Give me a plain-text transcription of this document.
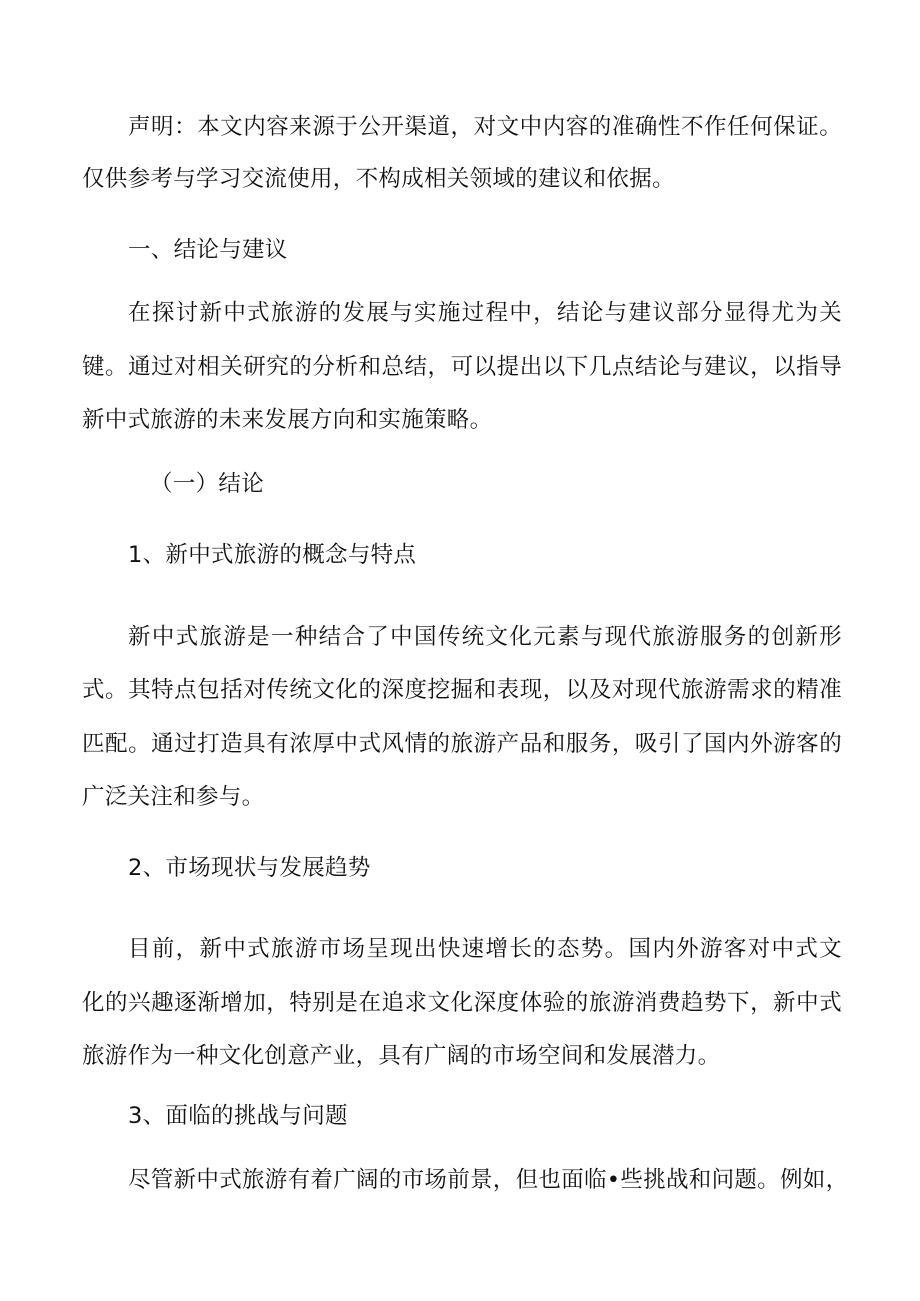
声明：本文内容来源于公开渠道，对文中内容的准确性不作任何保证。
仅供参考与学习交流使用，不构成相关领域的建议和依据。
一、结论与建议
在探讨新中式旅游的发展与实施过程中，结论与建议部分显得尤为关
键。通过对相关研究的分析和总结，可以提出以下几点结论与建议，以指导
新中式旅游的未来发展方向和实施策略。
（一）结论
1、新中式旅游的概念与特点
新中式旅游是一种结合了中国传统文化元素与现代旅游服务的创新形
式。其特点包括对传统文化的深度挖掘和表现，以及对现代旅游需求的精准
匹配。通过打造具有浓厚中式风情的旅游产品和服务，吸引了国内外游客的
广泛关注和参与。
2、市场现状与发展趋势
目前，新中式旅游市场呈现出快速增长的态势。国内外游客对中式文
化的兴趣逐渐增加，特别是在追求文化深度体验的旅游消费趋势下，新中式
旅游作为一种文化创意产业，具有广阔的市场空间和发展潜力。
3、面临的挑战与问题
尽管新中式旅游有着广阔的市场前景，但也面临•些挑战和问题。例如，
